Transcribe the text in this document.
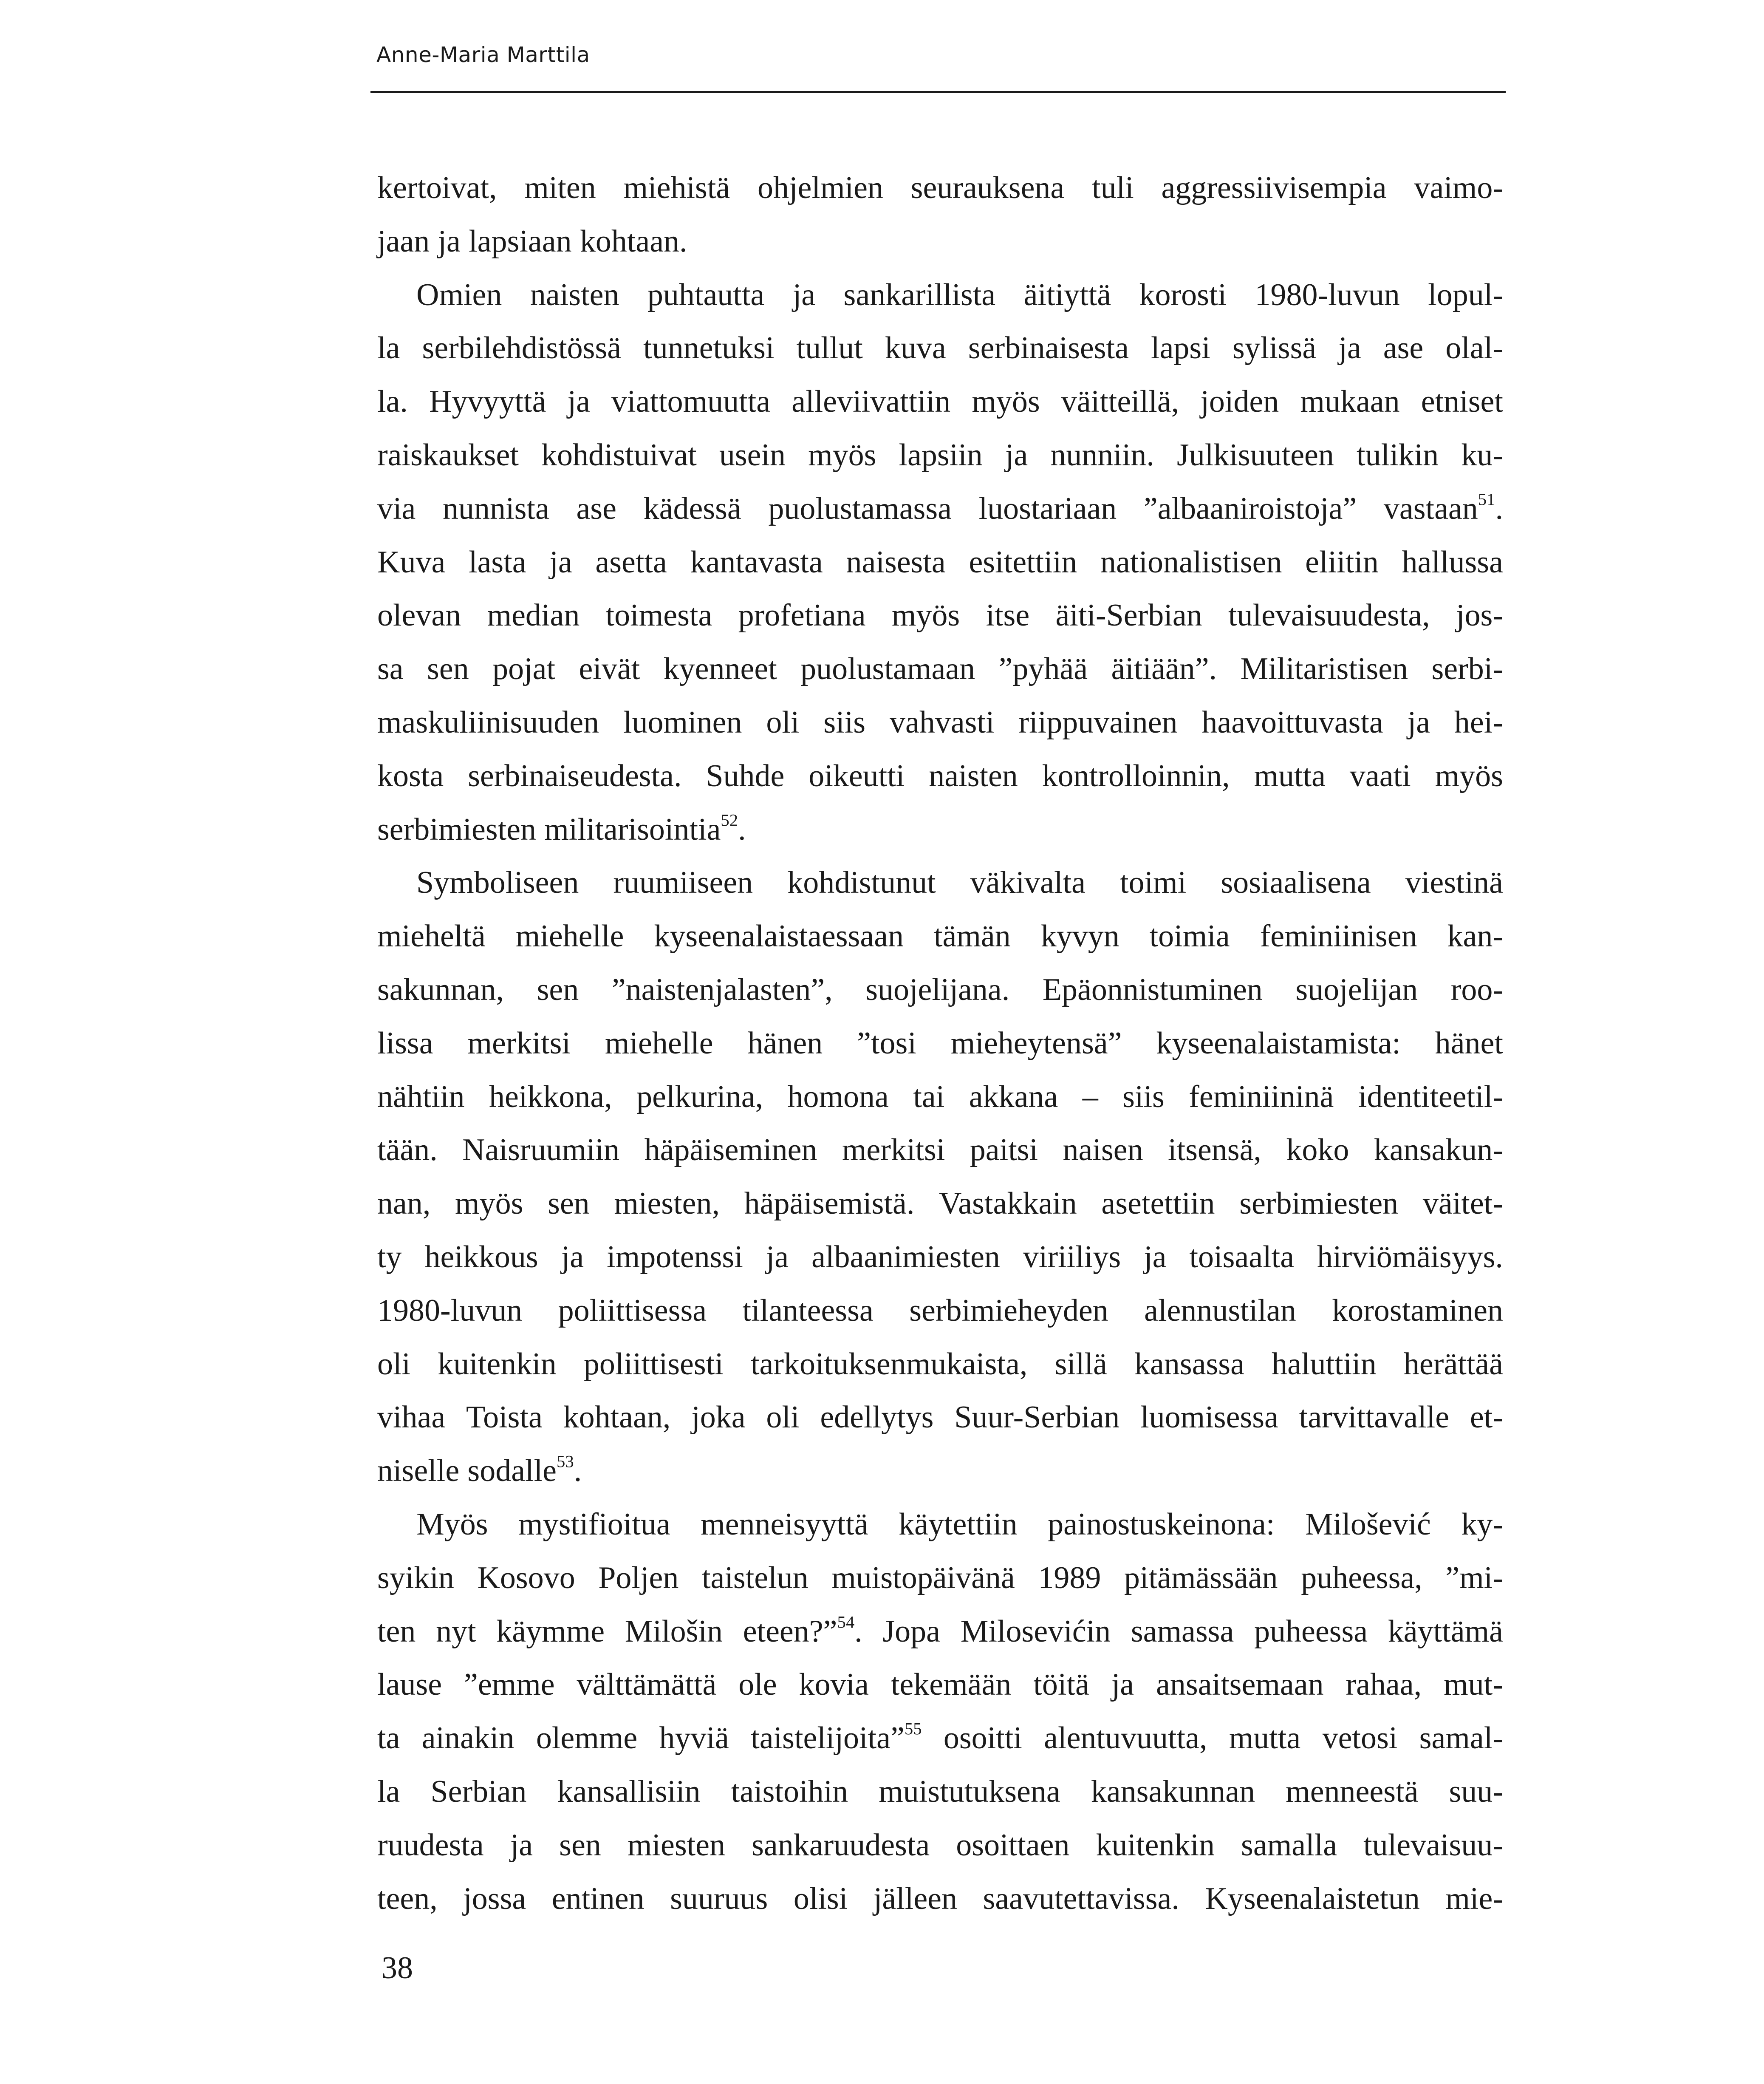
Anne-Maria Marttila
kertoivat, miten miehistä ohjelmien seurauksena tuli aggressiivisempia vaimo-
jaan ja lapsiaan kohtaan.
Omien naisten puhtautta ja sankarillista äitiyttä korosti 1980-luvun lopul-
la serbilehdistössä tunnetuksi tullut kuva serbinaisesta lapsi sylissä ja ase olal-
la. Hyvyyttä ja viattomuutta alleviivattiin myös väitteillä, joiden mukaan etniset
raiskaukset kohdistuivat usein myös lapsiin ja nunniin. Julkisuuteen tulikin ku-
via nunnista ase kädessä puolustamassa luostariaan ”albaaniroistoja” vastaan$^{51}$.
Kuva lasta ja asetta kantavasta naisesta esitettiin nationalistisen eliitin hallussa
olevan median toimesta profetiana myös itse äiti-Serbian tulevaisuudesta, jos-
sa sen pojat eivät kyenneet puolustamaan ”pyhää äitiään”. Militaristisen serbi-
maskuliinisuuden luominen oli siis vahvasti riippuvainen haavoittuvasta ja hei-
kosta serbinaiseudesta. Suhde oikeutti naisten kontrolloinnin, mutta vaati myös
serbimiesten militarisointia$^{52}$.
Symboliseen ruumiiseen kohdistunut väkivalta toimi sosiaalisena viestinä
mieheltä miehelle kyseenalaistaessaan tämän kyvyn toimia feminiinisen kan-
sakunnan, sen ”naistenjalasten”, suojelijana. Epäonnistuminen suojelijan roo-
lissa merkitsi miehelle hänen ”tosi mieheytensä” kyseenalaistamista: hänet
nähtiin heikkona, pelkurina, homona tai akkana – siis feminiininä identiteetil-
tään. Naisruumiin häpäiseminen merkitsi paitsi naisen itsensä, koko kansakun-
nan, myös sen miesten, häpäisemistä. Vastakkain asetettiin serbimiesten väitet-
ty heikkous ja impotenssi ja albaanimiesten viriiliys ja toisaalta hirviömäisyys.
1980-luvun poliittisessa tilanteessa serbimieheyden alennustilan korostaminen
oli kuitenkin poliittisesti tarkoituksenmukaista, sillä kansassa haluttiin herättää
vihaa Toista kohtaan, joka oli edellytys Suur-Serbian luomisessa tarvittavalle et-
niselle sodalle$^{53}$.
Myös mystifioitua menneisyyttä käytettiin painostuskeinona: Milošević ky-
syikin Kosovo Poljen taistelun muistopäivänä 1989 pitämässään puheessa, ”mi-
ten nyt käymme Milošin eteen?”$^{54}$. Jopa Milosevićin samassa puheessa käyttämä
lause ”emme välttämättä ole kovia tekemään töitä ja ansaitsemaan rahaa, mut-
ta ainakin olemme hyviä taistelijoita”$^{55}$ osoitti alentuvuutta, mutta vetosi samal-
la Serbian kansallisiin taistoihin muistutuksena kansakunnan menneestä suu-
ruudesta ja sen miesten sankaruudesta osoittaen kuitenkin samalla tulevaisuu-
teen, jossa entinen suuruus olisi jälleen saavutettavissa. Kyseenalaistetun mie-
38
